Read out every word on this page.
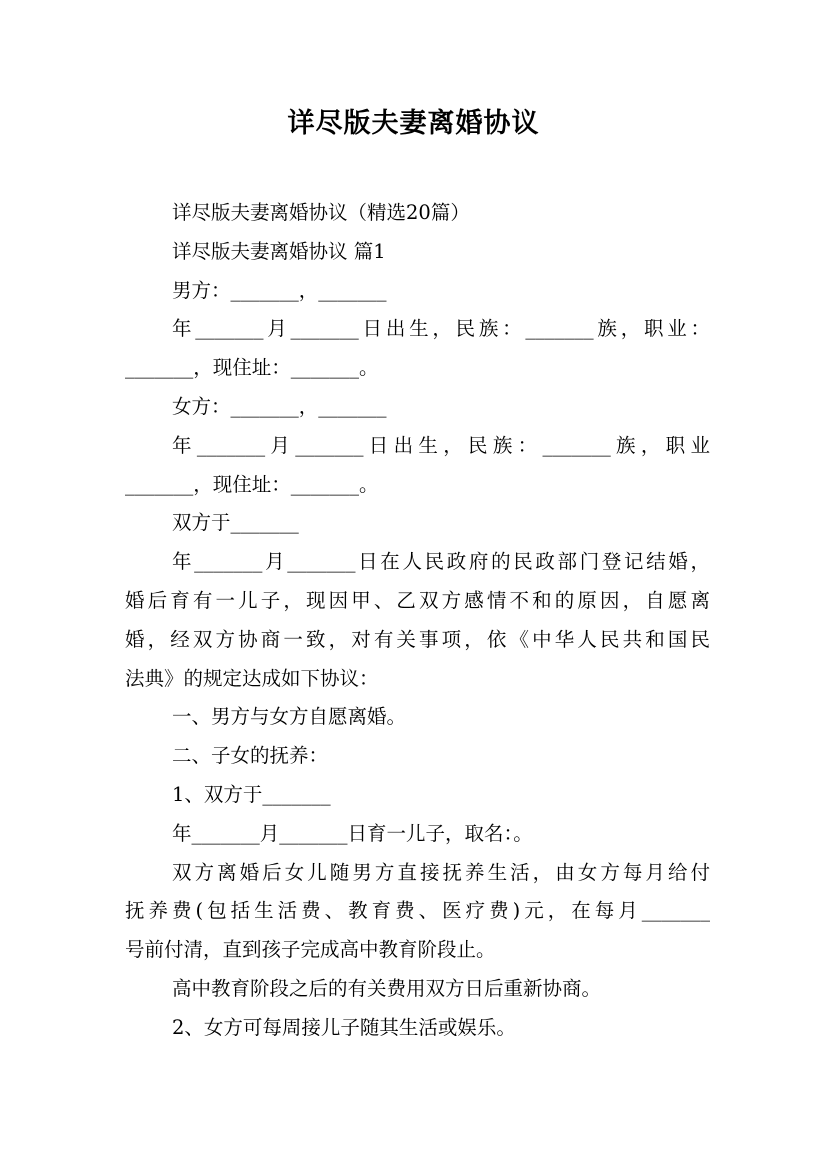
详尽版夫妻离婚协议
详尽版夫妻离婚协议（精选20篇）
详尽版夫妻离婚协议 篇1
男方：_______，_______
年_______月_______日出生，民族：_______族，职业：
_______，现住址：_______。
女方：_______，_______
年_______月_______日出生，民族：_______族，职业
_______，现住址：_______。
双方于_______
年_______月_______日在人民政府的民政部门登记结婚，
婚后育有一儿子，现因甲、乙双方感情不和的原因，自愿离
婚，经双方协商一致，对有关事项，依《中华人民共和国民
法典》的规定达成如下协议：
一、男方与女方自愿离婚。
二、子女的抚养：
1、双方于_______
年_______月_______日育一儿子，取名：。
双方离婚后女儿随男方直接抚养生活，由女方每月给付
抚养费(包括生活费、教育费、医疗费)元，在每月_______
号前付清，直到孩子完成高中教育阶段止。
高中教育阶段之后的有关费用双方日后重新协商。
2、女方可每周接儿子随其生活或娱乐。
